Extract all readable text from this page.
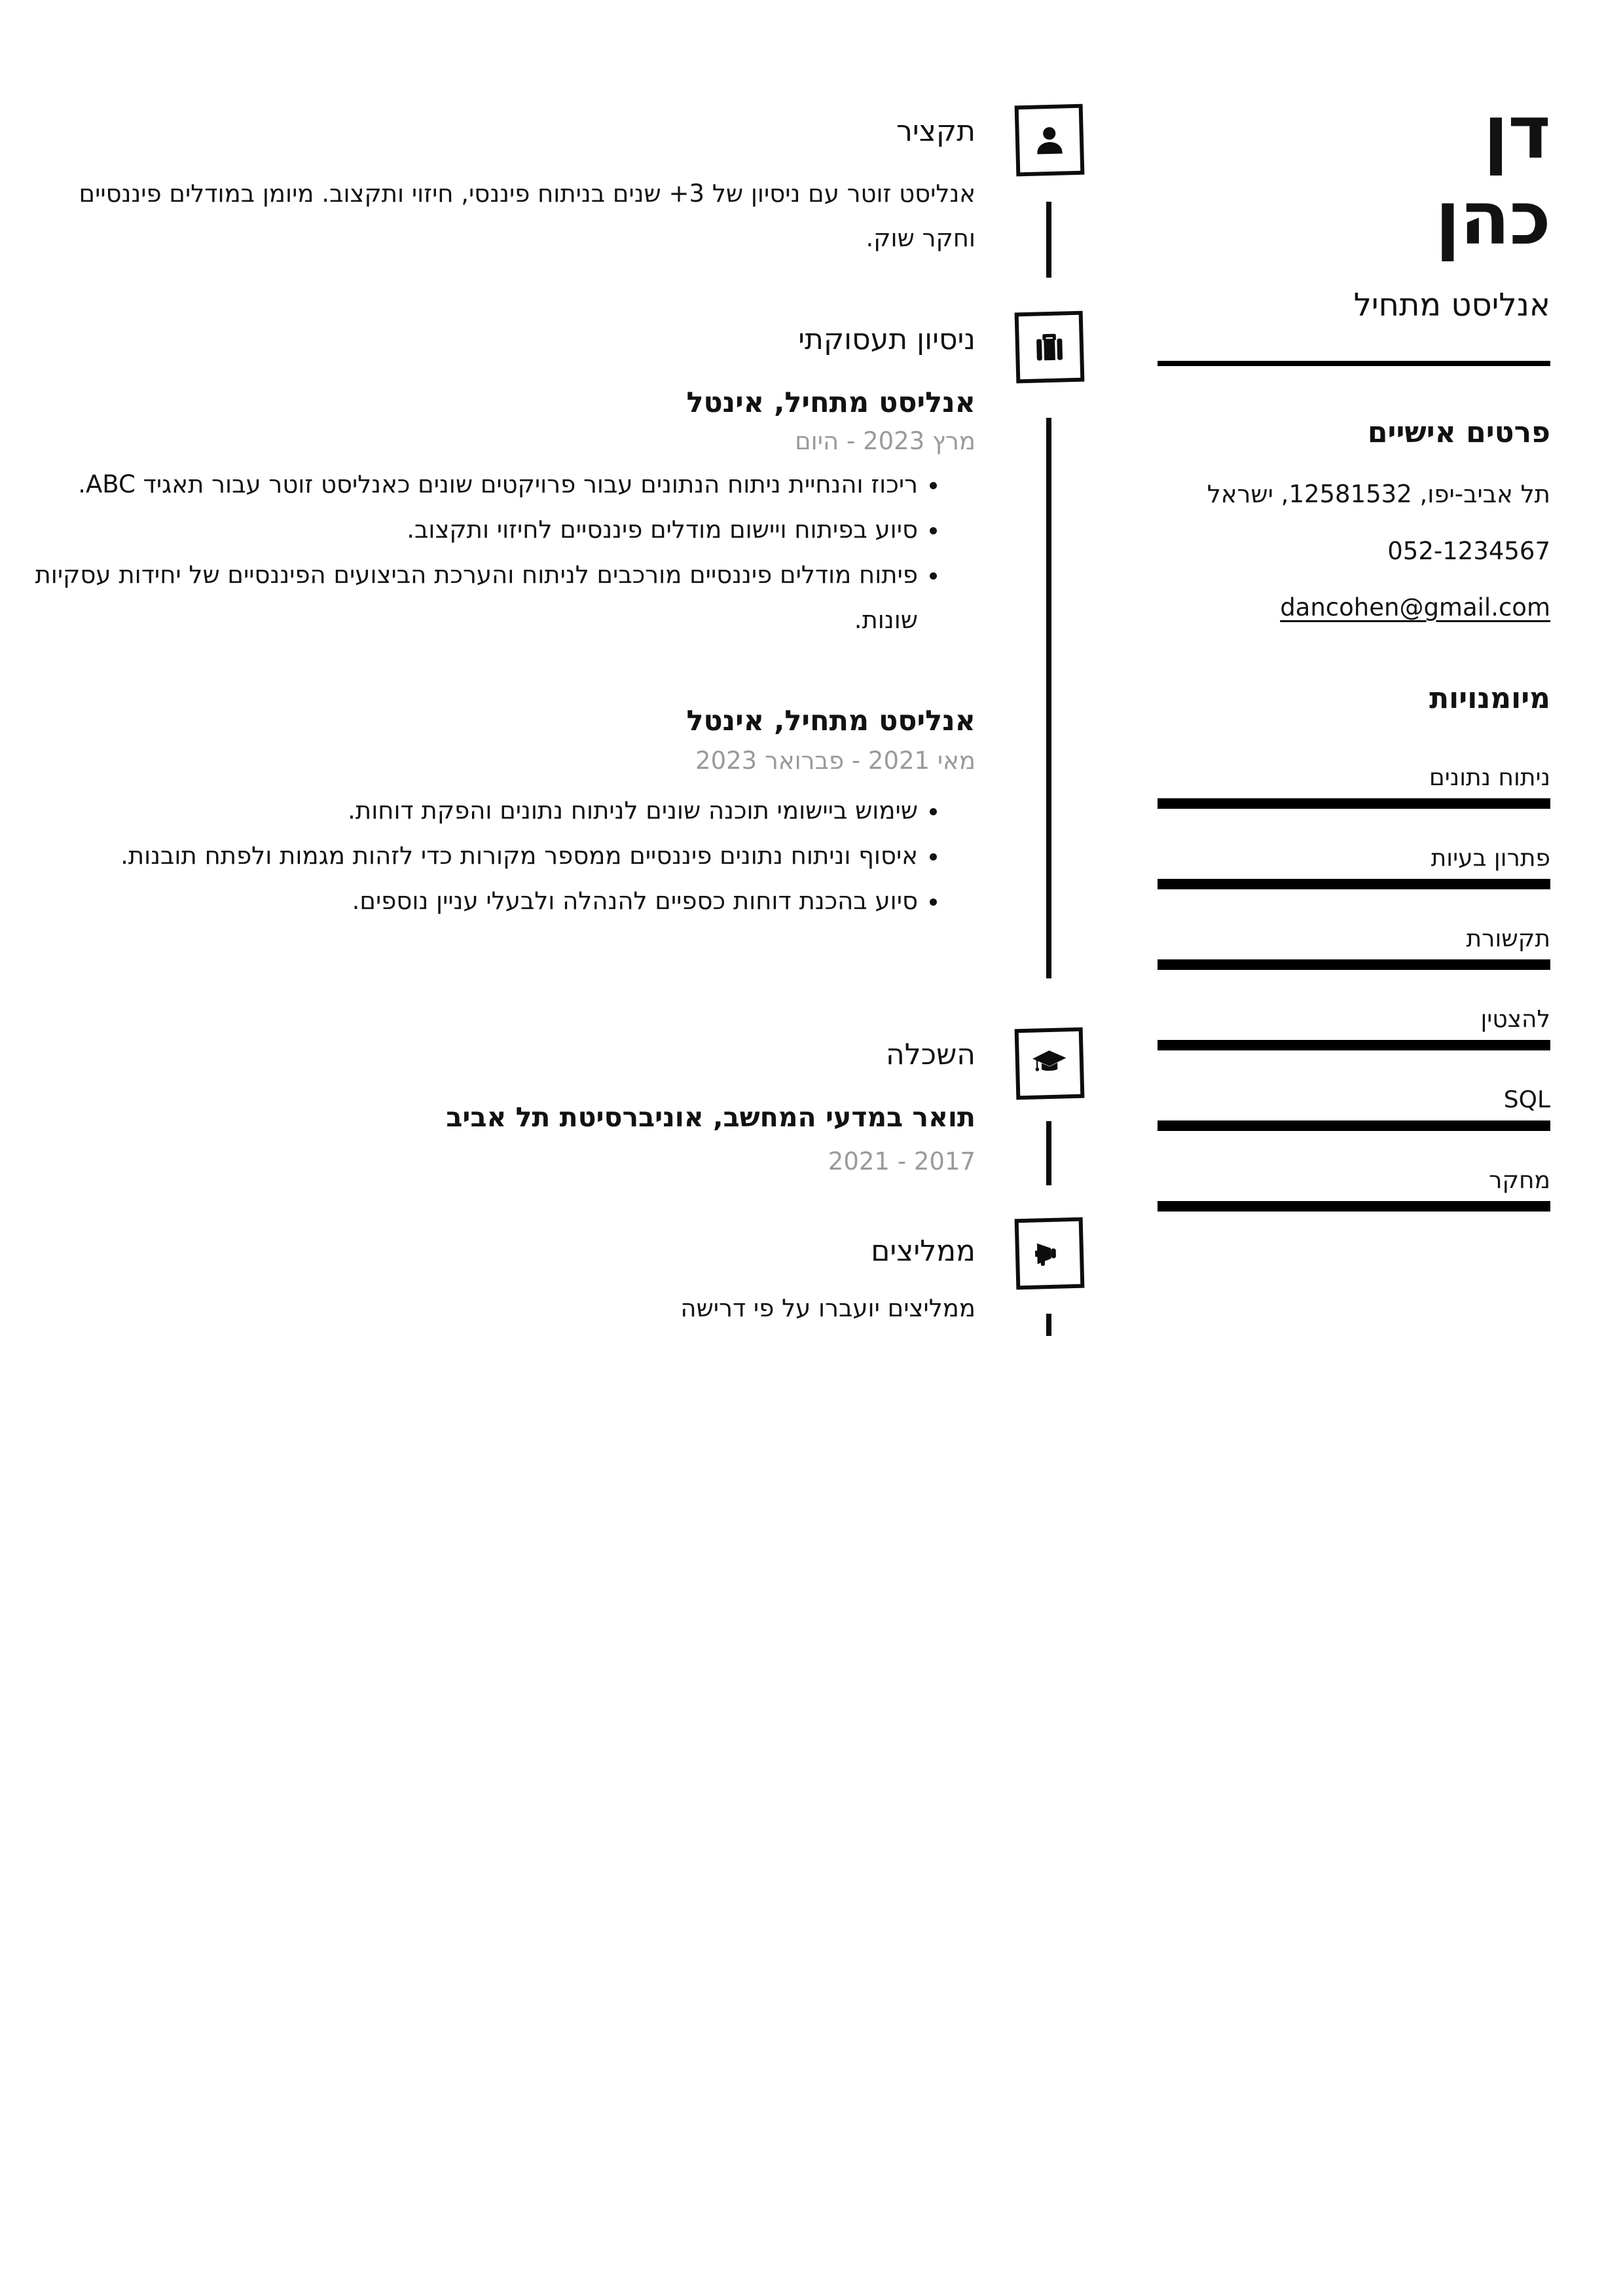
דן
כהן
אנליסט מתחיל
פרטים אישיים
תל אביב-יפו, 12581532, ישראל
052-1234567
dancohen@gmail.com
מיומנויות
ניתוח נתונים
פתרון בעיות
תקשורת
להצטין
SQL
מחקר
תקציר
אנליסט זוטר עם ניסיון של 3+ שנים בניתוח פיננסי, חיזוי ותקצוב. מיומן במודלים פיננסיים וחקר שוק.
ניסיון תעסוקתי
אנליסט מתחיל, אינטל
מרץ 2023 - היום
• ריכוז והנחיית ניתוח הנתונים עבור פרויקטים שונים כאנליסט זוטר עבור תאגיד ABC.
• סיוע בפיתוח ויישום מודלים פיננסיים לחיזוי ותקצוב.
• פיתוח מודלים פיננסיים מורכבים לניתוח והערכת הביצועים הפיננסיים של יחידות עסקיות שונות.
אנליסט מתחיל, אינטל
מאי 2021 - פברואר 2023
• שימוש ביישומי תוכנה שונים לניתוח נתונים והפקת דוחות.
• איסוף וניתוח נתונים פיננסיים ממספר מקורות כדי לזהות מגמות ולפתח תובנות.
• סיוע בהכנת דוחות כספיים להנהלה ולבעלי עניין נוספים.
השכלה
תואר במדעי המחשב, אוניברסיטת תל אביב
2017 - 2021
ממליצים
ממליצים יועברו על פי דרישה
